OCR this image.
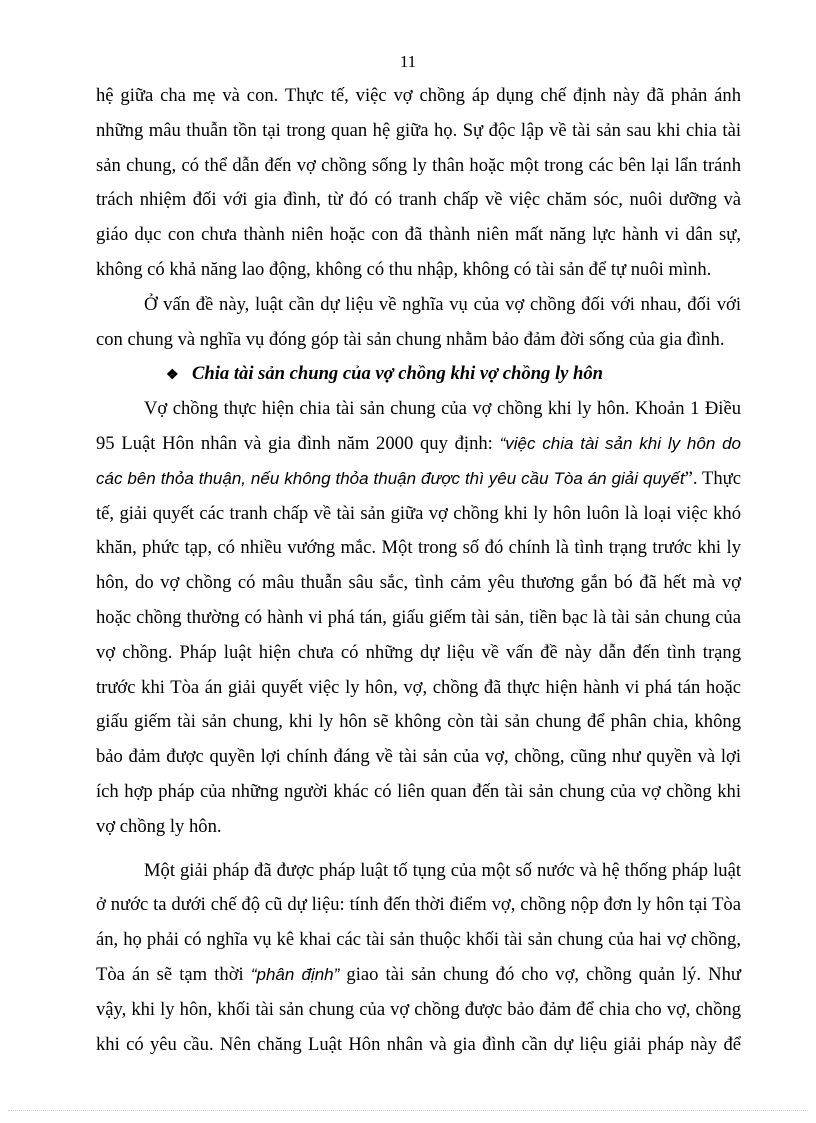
11
hệ giữa cha mẹ và con. Thực tế, việc vợ chồng áp dụng chế định này đã phản ánh
những mâu thuẫn tồn tại trong quan hệ giữa họ. Sự độc lập về tài sản sau khi chia tài
sản chung, có thể dẫn đến vợ chồng sống ly thân hoặc một trong các bên lại lẩn tránh
trách nhiệm đối với gia đình, từ đó có tranh chấp về việc chăm sóc, nuôi dưỡng và
giáo dục con chưa thành niên hoặc con đã thành niên mất năng lực hành vi dân sự,
không có khả năng lao động, không có thu nhập, không có tài sản để tự nuôi mình.
Ở vấn đề này, luật cần dự liệu về nghĩa vụ của vợ chồng đối với nhau, đối với
con chung và nghĩa vụ đóng góp tài sản chung nhằm bảo đảm đời sống của gia đình.
❖ Chia tài sản chung của vợ chồng khi vợ chồng ly hôn
Vợ chồng thực hiện chia tài sản chung của vợ chồng khi ly hôn. Khoản 1 Điều
95 Luật Hôn nhân và gia đình năm 2000 quy định: “việc chia tài sản khi ly hôn do
các bên thỏa thuận, nếu không thỏa thuận được thì yêu cầu Tòa án giải quyết”. Thực
tế, giải quyết các tranh chấp về tài sản giữa vợ chồng khi ly hôn luôn là loại việc khó
khăn, phức tạp, có nhiều vướng mắc. Một trong số đó chính là tình trạng trước khi ly
hôn, do vợ chồng có mâu thuẫn sâu sắc, tình cảm yêu thương gắn bó đã hết mà vợ
hoặc chồng thường có hành vi phá tán, giấu giếm tài sản, tiền bạc là tài sản chung của
vợ chồng. Pháp luật hiện chưa có những dự liệu về vấn đề này dẫn đến tình trạng
trước khi Tòa án giải quyết việc ly hôn, vợ, chồng đã thực hiện hành vi phá tán hoặc
giấu giếm tài sản chung, khi ly hôn sẽ không còn tài sản chung để phân chia, không
bảo đảm được quyền lợi chính đáng về tài sản của vợ, chồng, cũng như quyền và lợi
ích hợp pháp của những người khác có liên quan đến tài sản chung của vợ chồng khi
vợ chồng ly hôn.
Một giải pháp đã được pháp luật tố tụng của một số nước và hệ thống pháp luật
ở nước ta dưới chế độ cũ dự liệu: tính đến thời điểm vợ, chồng nộp đơn ly hôn tại Tòa
án, họ phải có nghĩa vụ kê khai các tài sản thuộc khối tài sản chung của hai vợ chồng,
Tòa án sẽ tạm thời “phân định” giao tài sản chung đó cho vợ, chồng quản lý. Như
vậy, khi ly hôn, khối tài sản chung của vợ chồng được bảo đảm để chia cho vợ, chồng
khi có yêu cầu. Nên chăng Luật Hôn nhân và gia đình cần dự liệu giải pháp này để
